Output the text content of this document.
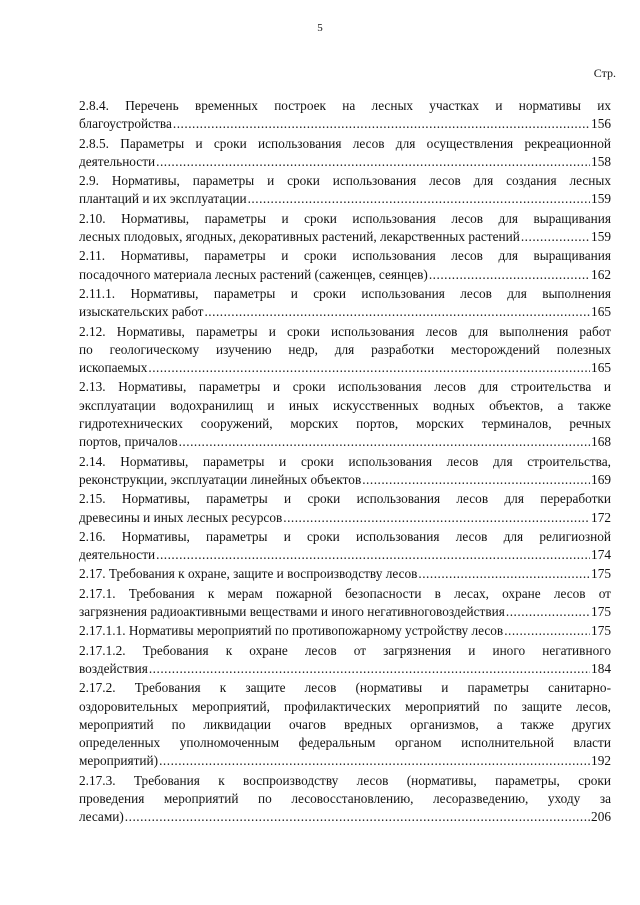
5
Стр.
2.8.4. Перечень временных построек на лесных участках и нормативы их
благоустройства .....	156
2.8.5. Параметры и сроки использования лесов для осуществления рекреационной
деятельности .....	158
2.9. Нормативы, параметры и сроки использования лесов для создания лесных
плантаций и их эксплуатации .....	159
2.10. Нормативы, параметры и сроки использования лесов для выращивания
лесных плодовых, ягодных, декоративных растений, лекарственных растений .....	159
2.11. Нормативы, параметры и сроки использования лесов для выращивания
посадочного материала лесных растений (саженцев, сеянцев) .....	162
2.11.1. Нормативы, параметры и сроки использования лесов для выполнения
изыскательских работ .....	165
2.12. Нормативы, параметры и сроки использования лесов для выполнения работ
по геологическому изучению недр, для разработки месторождений полезных
ископаемых .....	165
2.13. Нормативы, параметры и сроки использования лесов для строительства и
эксплуатации водохранилищ и иных искусственных водных объектов, а также
гидротехнических сооружений, морских портов, морских терминалов, речных
портов, причалов .....	168
2.14. Нормативы, параметры и сроки использования лесов для строительства,
реконструкции, эксплуатации линейных объектов .....	169
2.15. Нормативы, параметры и сроки использования лесов для переработки
древесины и иных лесных ресурсов .....	172
2.16. Нормативы, параметры и сроки использования лесов для религиозной
деятельности .....	174
2.17. Требования к охране, защите и воспроизводству лесов .....	175
2.17.1. Требования к мерам пожарной безопасности в лесах, охране лесов от
загрязнения радиоактивными веществами и иного негативноговоздействия .....	175
2.17.1.1. Нормативы мероприятий по противопожарному устройству лесов .....	175
2.17.1.2. Требования к охране лесов от загрязнения и иного негативного
воздействия .....	184
2.17.2. Требования к защите лесов (нормативы и параметры санитарно-
оздоровительных мероприятий, профилактических мероприятий по защите лесов,
мероприятий по ликвидации очагов вредных организмов, а также других
определенных уполномоченным федеральным органом исполнительной власти
мероприятий) .....	192
2.17.3. Требования к воспроизводству лесов (нормативы, параметры, сроки
проведения мероприятий по лесовосстановлению, лесоразведению, уходу за
лесами) .....	206
